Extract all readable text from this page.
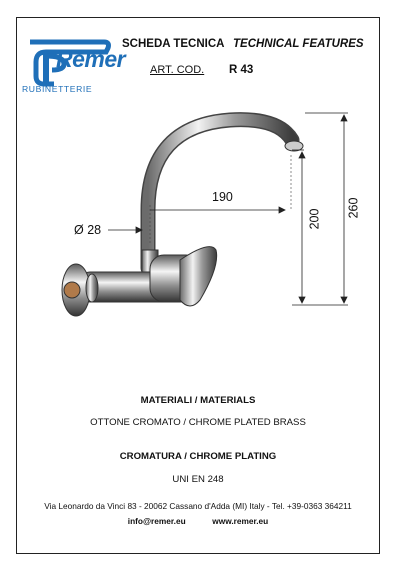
Remer
RUBINETTERIE
SCHEDA TECNICA TECHNICAL FEATURES
ART. COD. R 43
190
200
260
Ø 28
MATERIALI / MATERIALS
OTTONE CROMATO / CHROME PLATED BRASS
CROMATURA / CHROME PLATING
UNI EN 248
Via Leonardo da Vinci 83 - 20062 Cassano d'Adda (MI) Italy - Tel. +39-0363 364211
info@remer.eu	www.remer.eu
